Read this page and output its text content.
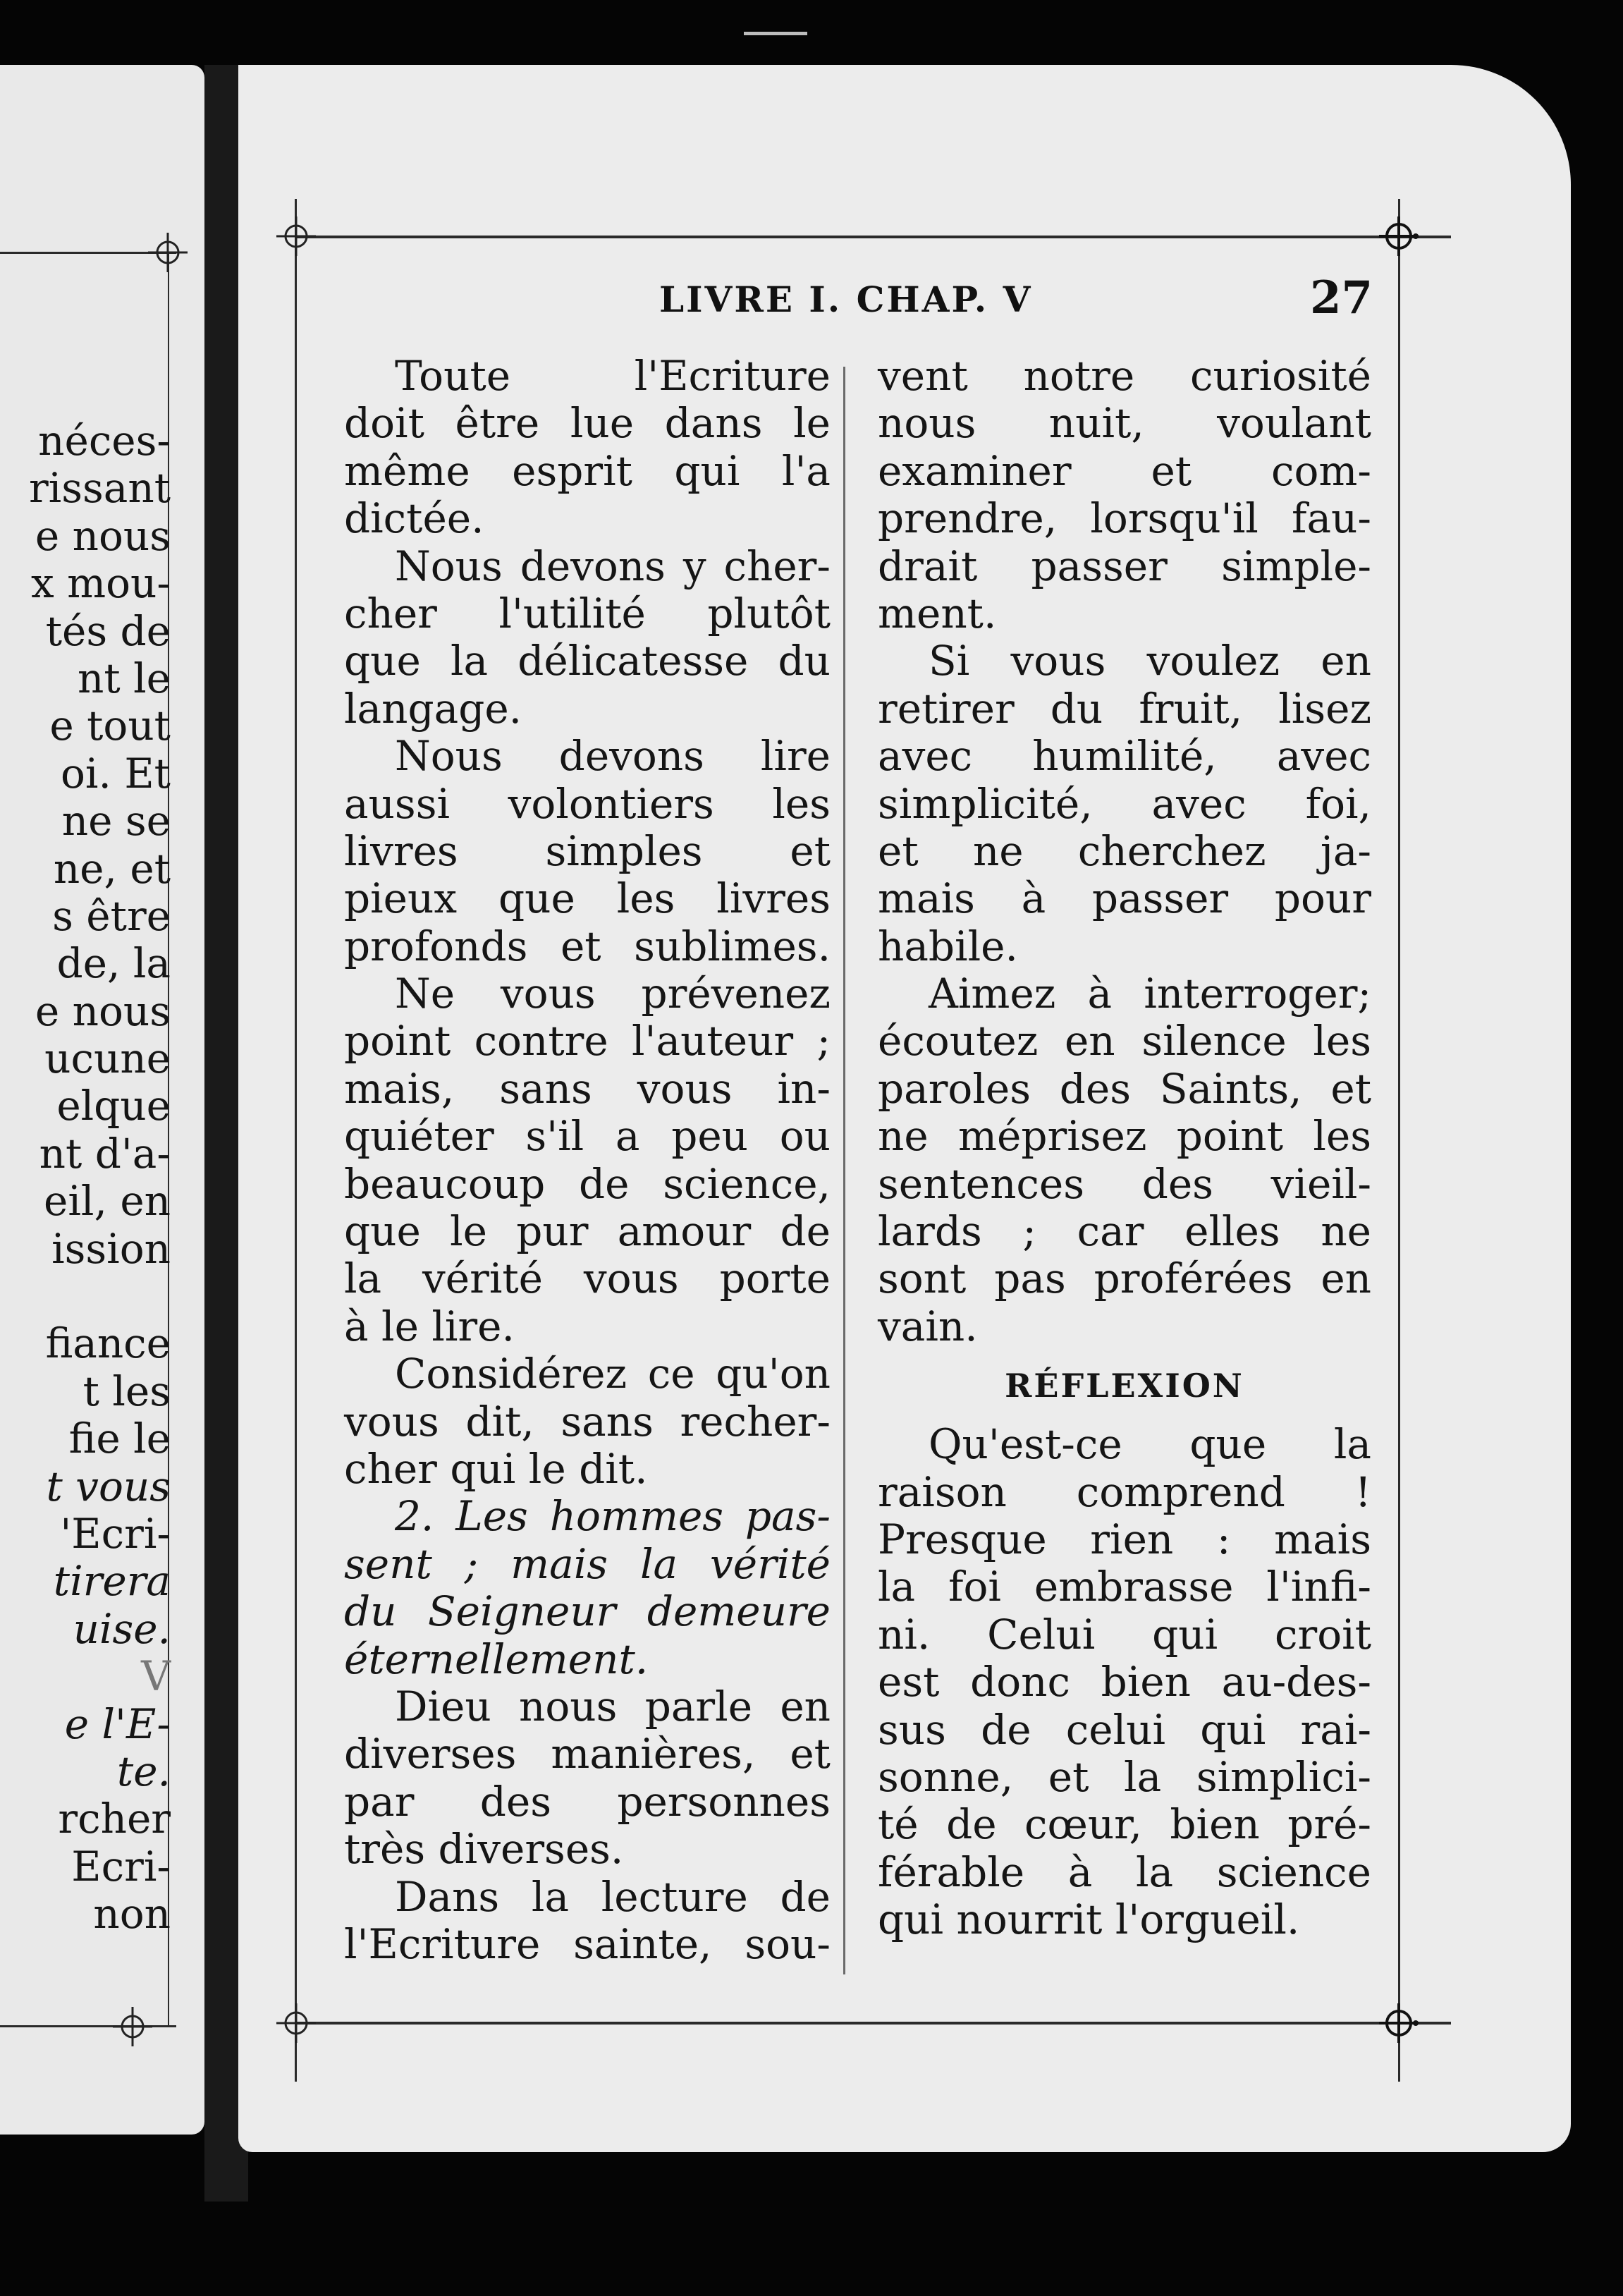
néces-
rissant
e nous
x mou-
tés de
nt le
e tout
oi. Et
ne se
ne, et
s être
de, la
e nous
ucune
elque
nt d'a-
eil, en
ission
fiance
t les
fie le
t vous
'Ecri-
tirera
uise.
V
e l'E-
te.
rcher
Ecri-
non
LIVRE I. CHAP. V	27
Toute l'Ecriture
doit être lue dans le
même esprit qui l'a
dictée.
Nous devons y cher-
cher l'utilité plutôt
que la délicatesse du
langage.
Nous devons lire
aussi volontiers les
livres simples et
pieux que les livres
profonds et sublimes.
Ne vous prévenez
point contre l'auteur ;
mais, sans vous in-
quiéter s'il a peu ou
beaucoup de science,
que le pur amour de
la vérité vous porte
à le lire.
Considérez ce qu'on
vous dit, sans recher-
cher qui le dit.
2. Les hommes pas-
sent ; mais la vérité
du Seigneur demeure
éternellement.
Dieu nous parle en
diverses manières, et
par des personnes
très diverses.
Dans la lecture de
l'Ecriture sainte, sou-
vent notre curiosité
nous nuit, voulant
examiner et com-
prendre, lorsqu'il fau-
drait passer simple-
ment.
Si vous voulez en
retirer du fruit, lisez
avec humilité, avec
simplicité, avec foi,
et ne cherchez ja-
mais à passer pour
habile.
Aimez à interroger;
écoutez en silence les
paroles des Saints, et
ne méprisez point les
sentences des vieil-
lards ; car elles ne
sont pas proférées en
vain.
RÉFLEXION
Qu'est-ce que la
raison comprend !
Presque rien : mais
la foi embrasse l'infi-
ni. Celui qui croit
est donc bien au-des-
sus de celui qui rai-
sonne, et la simplici-
té de cœur, bien pré-
férable à la science
qui nourrit l'orgueil.
